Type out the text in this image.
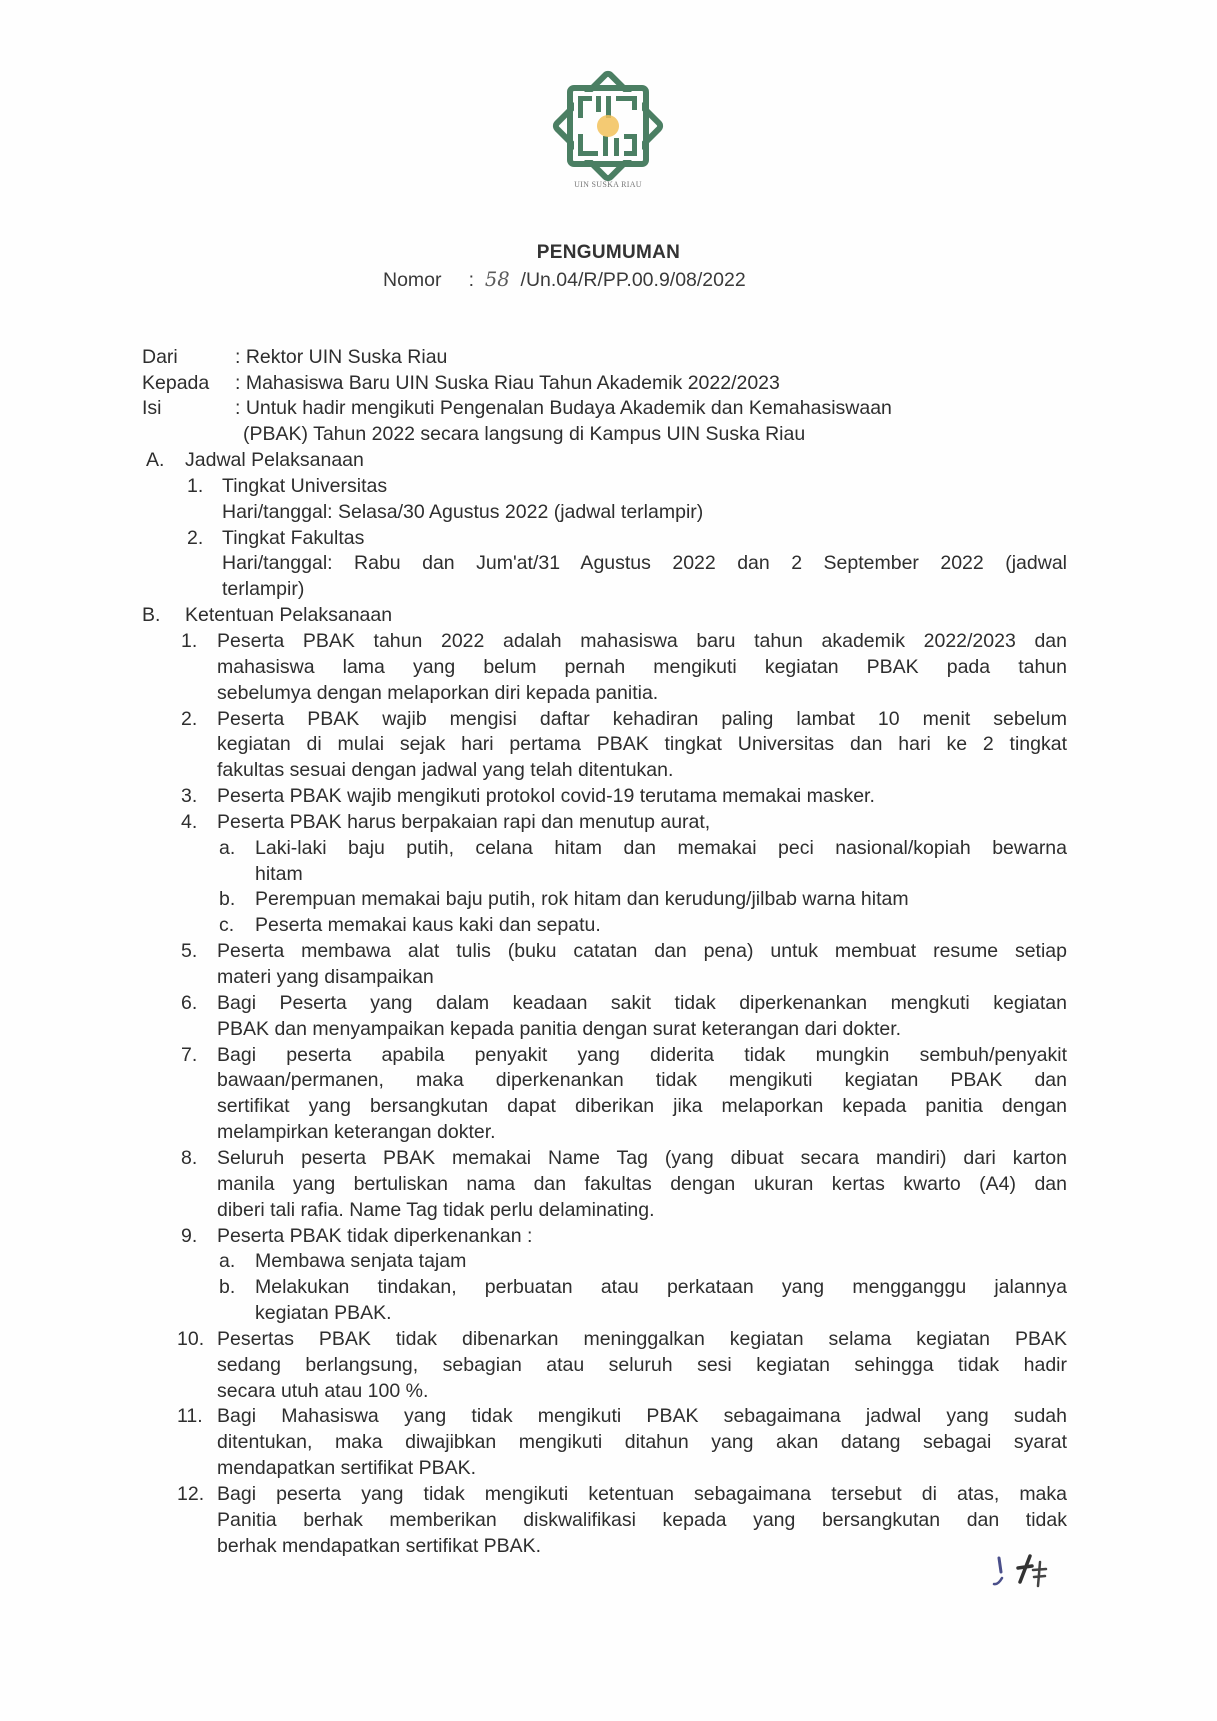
UIN SUSKA RIAU
PENGUMUMAN
Nomor : 58 /Un.04/R/PP.00.9/08/2022
Dari	: Rektor UIN Suska Riau
Kepada : Mahasiswa Baru UIN Suska Riau Tahun Akademik 2022/2023
Isi	: Untuk hadir mengikuti Pengenalan Budaya Akademik dan Kemahasiswaan
(PBAK) Tahun 2022 secara langsung di Kampus UIN Suska Riau
A. Jadwal Pelaksanaan
1. Tingkat Universitas
Hari/tanggal: Selasa/30 Agustus 2022 (jadwal terlampir)
2. Tingkat Fakultas
Hari/tanggal: Rabu dan Jum'at/31 Agustus 2022 dan 2 September 2022 (jadwal
terlampir)
B. Ketentuan Pelaksanaan
1. Peserta PBAK tahun 2022 adalah mahasiswa baru tahun akademik 2022/2023 dan
mahasiswa lama yang belum pernah mengikuti kegiatan PBAK pada tahun
sebelumya dengan melaporkan diri kepada panitia.
2. Peserta PBAK wajib mengisi daftar kehadiran paling lambat 10 menit sebelum
kegiatan di mulai sejak hari pertama PBAK tingkat Universitas dan hari ke 2 tingkat
fakultas sesuai dengan jadwal yang telah ditentukan.
3. Peserta PBAK wajib mengikuti protokol covid-19 terutama memakai masker.
4. Peserta PBAK harus berpakaian rapi dan menutup aurat,
a. Laki-laki baju putih, celana hitam dan memakai peci nasional/kopiah bewarna
hitam
b. Perempuan memakai baju putih, rok hitam dan kerudung/jilbab warna hitam
c. Peserta memakai kaus kaki dan sepatu.
5. Peserta membawa alat tulis (buku catatan dan pena) untuk membuat resume setiap
materi yang disampaikan
6. Bagi Peserta yang dalam keadaan sakit tidak diperkenankan mengkuti kegiatan
PBAK dan menyampaikan kepada panitia dengan surat keterangan dari dokter.
7. Bagi peserta apabila penyakit yang diderita tidak mungkin sembuh/penyakit
bawaan/permanen, maka diperkenankan tidak mengikuti kegiatan PBAK dan
sertifikat yang bersangkutan dapat diberikan jika melaporkan kepada panitia dengan
melampirkan keterangan dokter.
8. Seluruh peserta PBAK memakai Name Tag (yang dibuat secara mandiri) dari karton
manila yang bertuliskan nama dan fakultas dengan ukuran kertas kwarto (A4) dan
diberi tali rafia. Name Tag tidak perlu delaminating.
9. Peserta PBAK tidak diperkenankan :
a. Membawa senjata tajam
b. Melakukan tindakan, perbuatan atau perkataan yang mengganggu jalannya
kegiatan PBAK.
10. Pesertas PBAK tidak dibenarkan meninggalkan kegiatan selama kegiatan PBAK
sedang berlangsung, sebagian atau seluruh sesi kegiatan sehingga tidak hadir
secara utuh atau 100 %.
11. Bagi Mahasiswa yang tidak mengikuti PBAK sebagaimana jadwal yang sudah
ditentukan, maka diwajibkan mengikuti ditahun yang akan datang sebagai syarat
mendapatkan sertifikat PBAK.
12. Bagi peserta yang tidak mengikuti ketentuan sebagaimana tersebut di atas, maka
Panitia berhak memberikan diskwalifikasi kepada yang bersangkutan dan tidak
berhak mendapatkan sertifikat PBAK.
